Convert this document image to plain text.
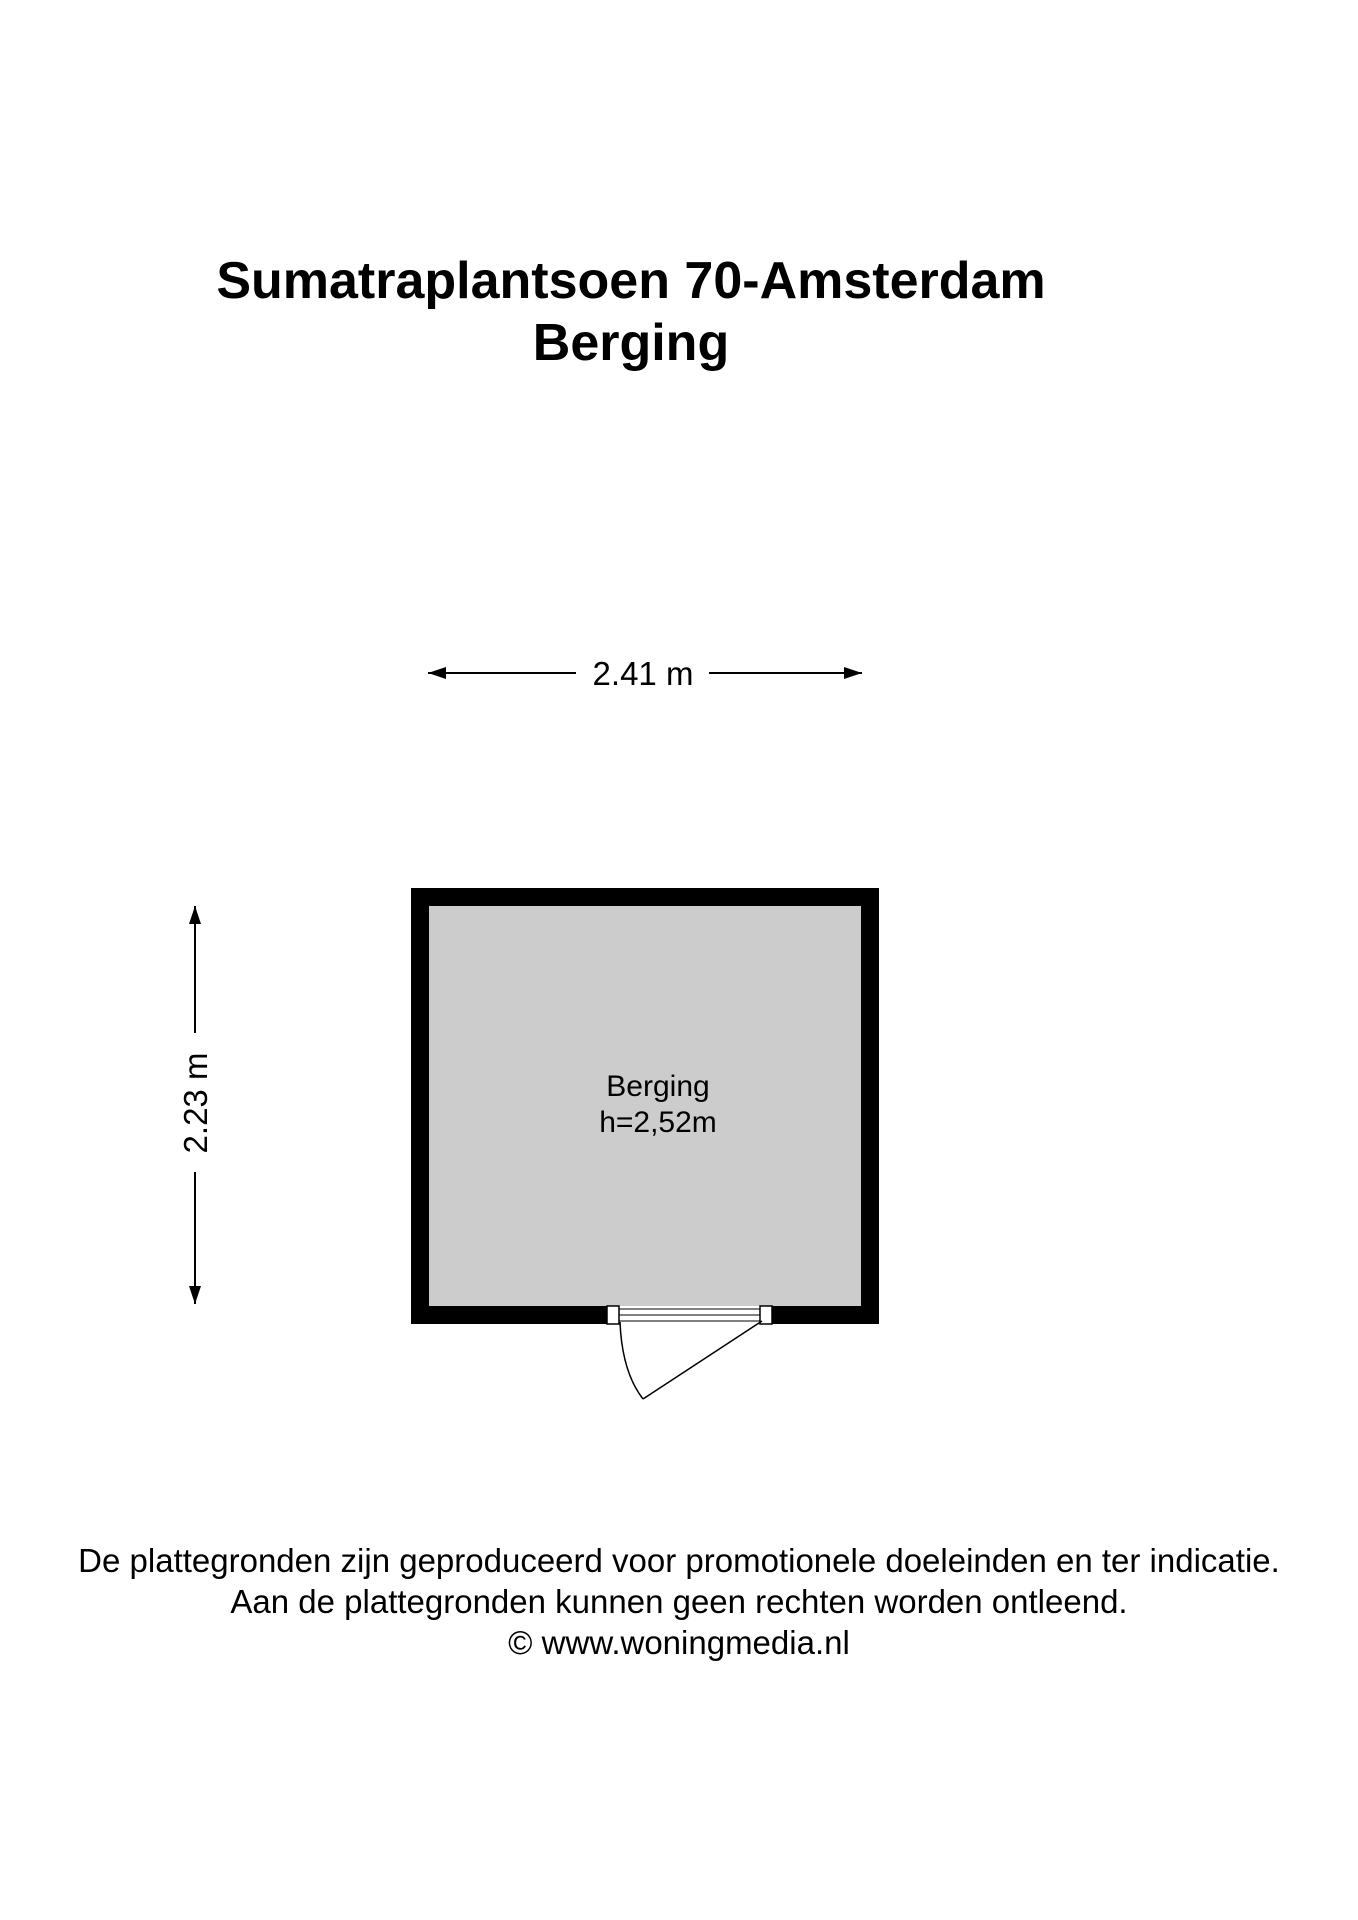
Sumatraplantsoen 70-Amsterdam
Berging
2.41 m
2.23 m	Berging
h=2,52m
De plattegronden zijn geproduceerd voor promotionele doeleinden en ter indicatie.
Aan de plattegronden kunnen geen rechten worden ontleend.
© www.woningmedia.nl
